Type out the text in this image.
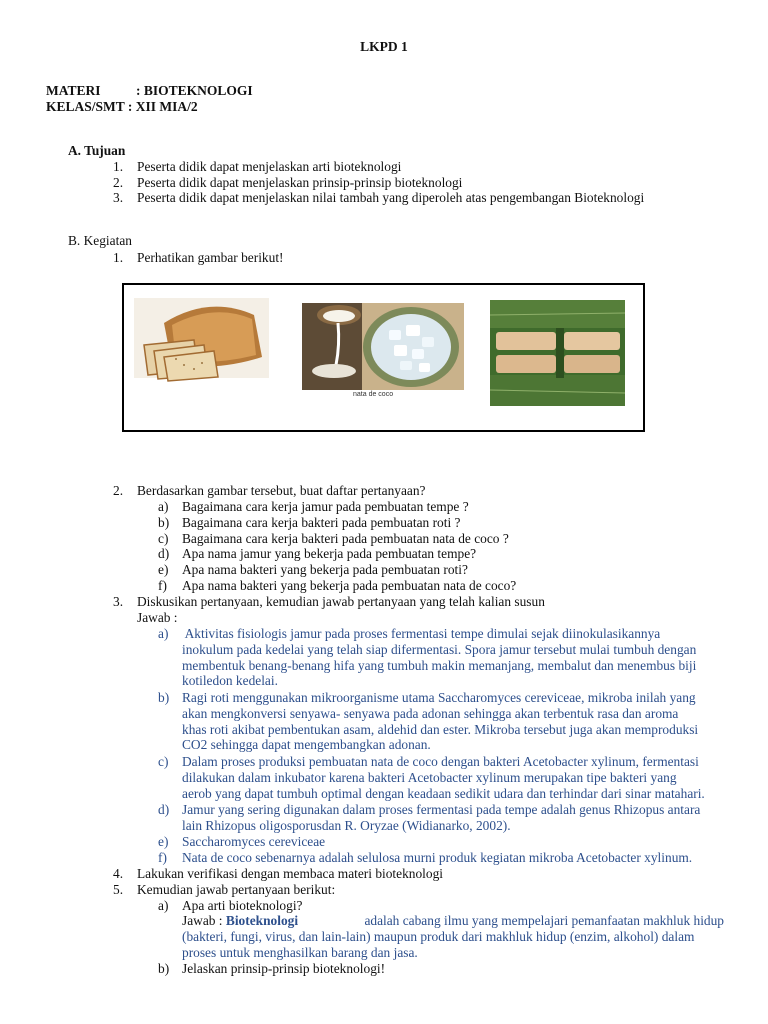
LKPD 1
MATERI	: BIOTEKNOLOGI
KELAS/SMT : XII MIA/2
A. Tujuan
1. Peserta didik dapat menjelaskan arti bioteknologi
2. Peserta didik dapat menjelaskan prinsip-prinsip bioteknologi
3. Peserta didik dapat menjelaskan nilai tambah yang diperoleh atas pengembangan Bioteknologi
B. Kegiatan
1. Perhatikan gambar berikut!
nata de coco
2. Berdasarkan gambar tersebut, buat daftar pertanyaan?
a) Bagaimana cara kerja jamur pada pembuatan tempe ?
b) Bagaimana cara kerja bakteri pada pembuatan roti ?
c) Bagaimana cara kerja bakteri pada pembuatan nata de coco ?
d) Apa nama jamur yang bekerja pada pembuatan tempe?
e) Apa nama bakteri yang bekerja pada pembuatan roti?
f) Apa nama bakteri yang bekerja pada pembuatan nata de coco?
3. Diskusikan pertanyaan, kemudian jawab pertanyaan yang telah kalian susun
Jawab :
a) Aktivitas fisiologis jamur pada proses fermentasi tempe dimulai sejak diinokulasikannya

inokulum pada kedelai yang telah siap difermentasi. Spora jamur tersebut mulai tumbuh dengan

membentuk benang-benang hifa yang tumbuh makin memanjang, membalut dan menembus biji

kotiledon kedelai.

b) Ragi roti menggunakan mikroorganisme utama Saccharomyces cereviceae, mikroba inilah yang

akan mengkonversi senyawa- senyawa pada adonan sehingga akan terbentuk rasa dan aroma

khas roti akibat pembentukan asam, aldehid dan ester. Mikroba tersebut juga akan memproduksi

CO2 sehingga dapat mengembangkan adonan.

c) Dalam proses produksi pembuatan nata de coco dengan bakteri Acetobacter xylinum, fermentasi

dilakukan dalam inkubator karena bakteri Acetobacter xylinum merupakan tipe bakteri yang

aerob yang dapat tumbuh optimal dengan keadaan sedikit udara dan terhindar dari sinar matahari.

d) Jamur yang sering digunakan dalam proses fermentasi pada tempe adalah genus Rhizopus antara

lain Rhizopus oligosporusdan R. Oryzae (Widianarko, 2002).

e) Saccharomyces cereviceae

f) Nata de coco sebenarnya adalah selulosa murni produk kegiatan mikroba Acetobacter xylinum.

4. Lakukan verifikasi dengan membaca materi bioteknologi
5. Kemudian jawab pertanyaan berikut:
a) Apa arti bioteknologi?

Jawab : Bioteknologi	adalah cabang ilmu yang mempelajari pemanfaatan makhluk hidup

(bakteri, fungi, virus, dan lain-lain) maupun produk dari makhluk hidup (enzim, alkohol) dalam

proses untuk menghasilkan barang dan jasa.

b) Jelaskan prinsip-prinsip bioteknologi!
